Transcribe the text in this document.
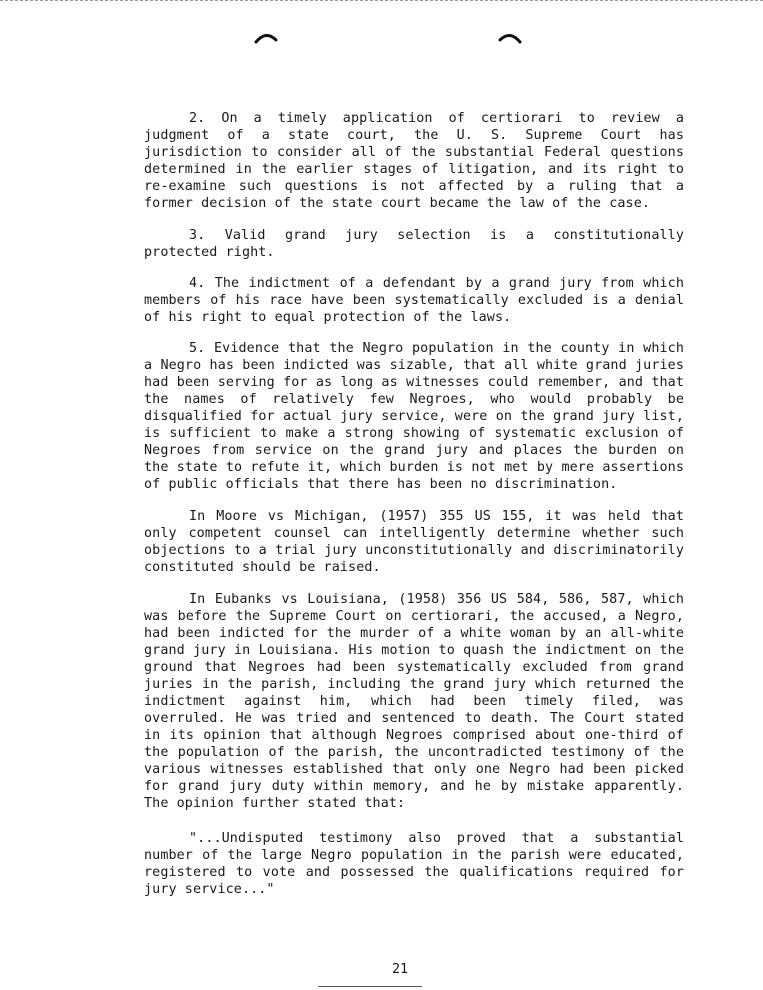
2. On a timely application of certiorari to review a judgment of a state court, the U. S. Supreme Court has jurisdiction to consider all of the substantial Federal questions determined in the earlier stages of litigation, and its right to re-examine such questions is not affected by a ruling that a former decision of the state court became the law of the case.

3. Valid grand jury selection is a constitutionally protected right.

4. The indictment of a defendant by a grand jury from which members of his race have been systematically excluded is a denial of his right to equal protection of the laws.

5. Evidence that the Negro population in the county in which a Negro has been indicted was sizable, that all white grand juries had been serving for as long as witnesses could remember, and that the names of relatively few Negroes, who would probably be disqualified for actual jury service, were on the grand jury list, is sufficient to make a strong showing of systematic exclusion of Negroes from service on the grand jury and places the burden on the state to refute it, which burden is not met by mere assertions of public officials that there has been no discrimination.

In Moore vs Michigan, (1957) 355 US 155, it was held that only competent counsel can intelligently determine whether such objections to a trial jury unconstitutionally and discriminatorily constituted should be raised.

In Eubanks vs Louisiana, (1958) 356 US 584, 586, 587, which was before the Supreme Court on certiorari, the accused, a Negro, had been indicted for the murder of a white woman by an all-white grand jury in Louisiana. His motion to quash the indictment on the ground that Negroes had been systematically excluded from grand juries in the parish, including the grand jury which returned the indictment against him, which had been timely filed, was overruled. He was tried and sentenced to death. The Court stated in its opinion that although Negroes comprised about one-third of the population of the parish, the uncontradicted testimony of the various witnesses established that only one Negro had been picked for grand jury duty within memory, and he by mistake apparently. The opinion further stated that:

"...Undisputed testimony also proved that a substantial number of the large Negro population in the parish were educated, registered to vote and possessed the qualifications required for jury service..."

21
